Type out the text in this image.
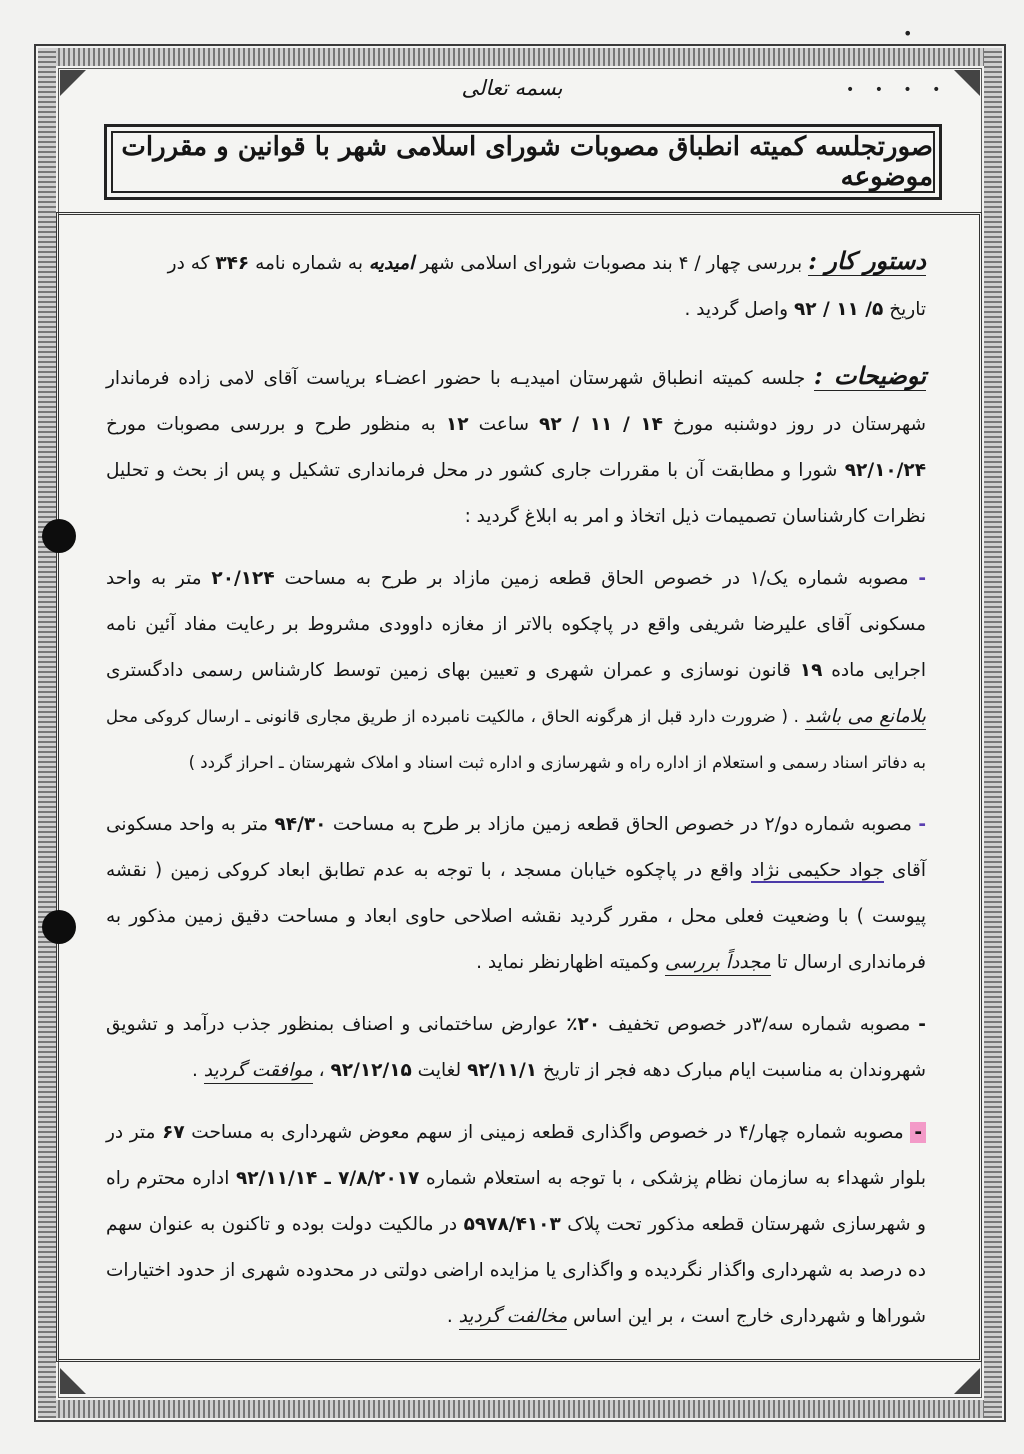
•
• • • •
بسمه تعالی
صورتجلسه کمیته انطباق مصوبات شورای اسلامی شهر با قوانین و مقررات موضوعه

دستور کار : بررسی چهار / ۴ بند مصوبات شورای اسلامی شهر امیدیه به شماره نامه ۳۴۶ که در
تاریخ ۵/ ۱۱ / ۹۲ واصل گردید .

توضیحات : جلسه کمیته انطباق شهرستان امیدیـه با حضور اعضـاء بریاست آقای لامی زاده فرماندار شهرستان در روز دوشنبه مورخ ۱۴ / ۱۱ / ۹۲ ساعت ۱۲ به منظور طرح و بررسی مصوبات مورخ ۹۲/۱۰/۲۴ شورا و مطابقت آن با مقررات جاری کشور در محل فرمانداری تشکیل و پس از بحث و تحلیل نظرات کارشناسان تصمیمات ذیل اتخاذ و امر به ابلاغ گردید :

- مصوبه شماره یک/۱ در خصوص الحاق قطعه زمین مازاد بر طرح به مساحت ۲۰/۱۲۴ متر به واحد مسکونی آقای علیرضا شریفی واقع در پاچکوه بالاتر از مغازه داوودی مشروط بر رعایت مفاد آئین نامه اجرایی ماده ۱۹ قانون نوسازی و عمران شهری و تعیین بهای زمین توسط کارشناس رسمی دادگستری بلامانع می باشد . ( ضرورت دارد قبل از هرگونه الحاق ، مالکیت نامبرده از طریق مجاری قانونی ـ ارسال کروکی محل به دفاتر اسناد رسمی و استعلام از اداره راه و شهرسازی و اداره ثبت اسناد و املاک شهرستان ـ احراز گردد )

- مصوبه شماره دو/۲ در خصوص الحاق قطعه زمین مازاد بر طرح به مساحت ۹۴/۳۰ متر به واحد مسکونی آقای جواد حکیمی نژاد واقع در پاچکوه خیابان مسجد ، با توجه به عدم تطابق ابعاد کروکی زمین ( نقشه پیوست ) با وضعیت فعلی محل ، مقرر گردید نقشه اصلاحی حاوی ابعاد و مساحت دقیق زمین مذکور به فرمانداری ارسال تا مجدداً بررسی وکمیته اظهارنظر نماید .

- مصوبه شماره سه/۳در خصوص تخفیف ۲۰٪ عوارض ساختمانی و اصناف بمنظور جذب درآمد و تشویق شهروندان به مناسبت ایام مبارک دهه فجر از تاریخ ۹۲/۱۱/۱ لغایت ۹۲/۱۲/۱۵ ، موافقت گردید .

- مصوبه شماره چهار/۴ در خصوص واگذاری قطعه زمینی از سهم معوض شهرداری به مساحت ۶۷ متر در بلوار شهداء به سازمان نظام پزشکی ، با توجه به استعلام شماره ۷/۸/۲۰۱۷ ـ ۹۲/۱۱/۱۴ اداره محترم راه و شهرسازی شهرستان قطعه مذکور تحت پلاک ۵۹۷۸/۴۱۰۳ در مالکیت دولت بوده و تاکنون به عنوان سهم ده درصد به شهرداری واگذار نگردیده و واگذاری یا مزایده اراضی دولتی در محدوده شهری از حدود اختیارات شوراها و شهرداری خارج است ، بر این اساس مخالفت گردید .
